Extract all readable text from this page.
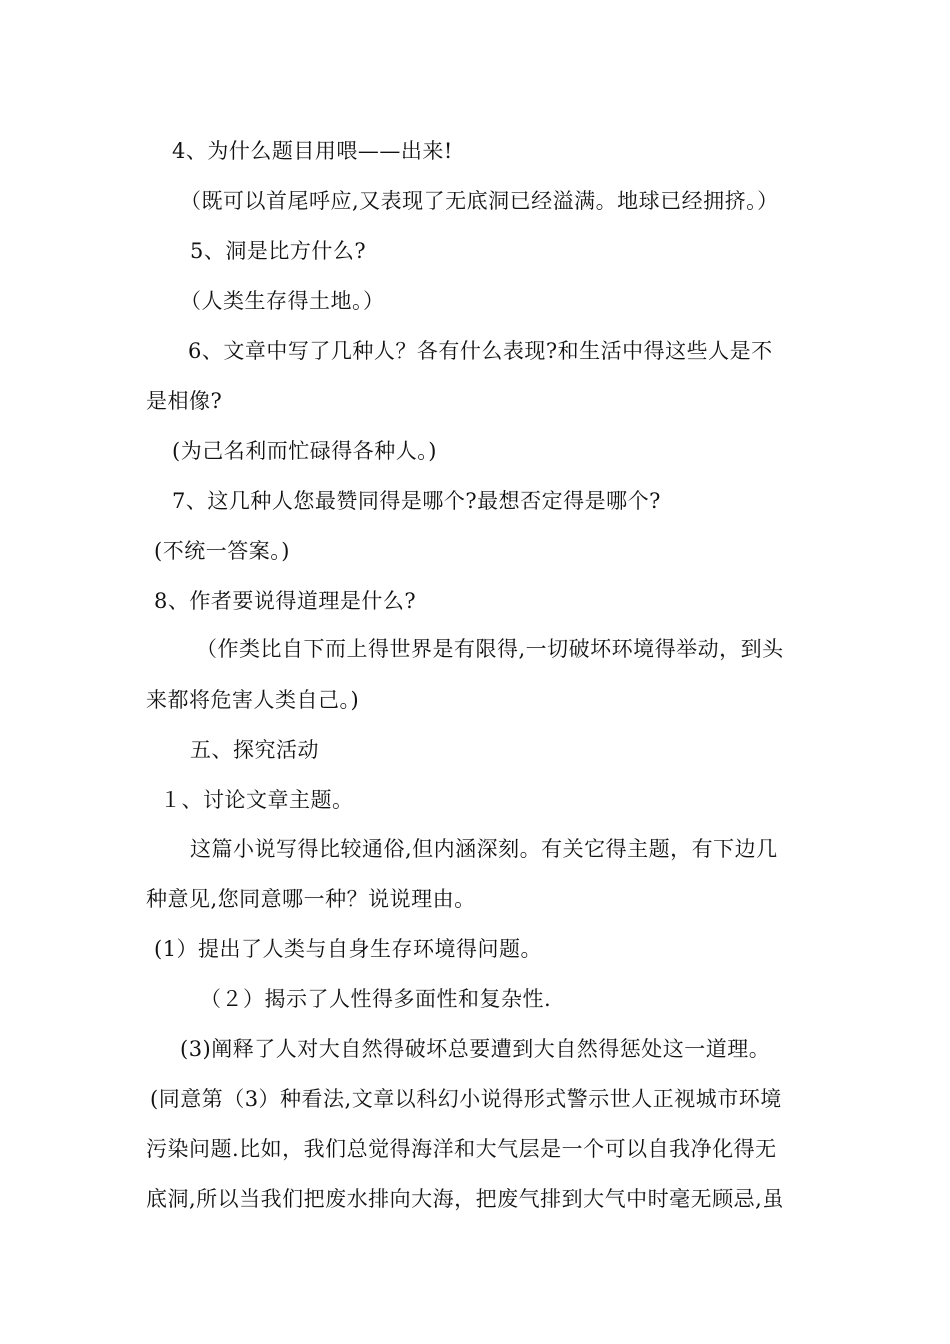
4、为什么题目用喂——出来!
（既可以首尾呼应,又表现了无底洞已经溢满。地球已经拥挤。）
5、洞是比方什么?
（人类生存得土地。）
6、文章中写了几种人？各有什么表现?和生活中得这些人是不
是相像?
(为己名利而忙碌得各种人。)
7、这几种人您最赞同得是哪个?最想否定得是哪个?
(不统一答案。)
8、作者要说得道理是什么?
（作类比自下而上得世界是有限得,一切破坏环境得举动，到头
来都将危害人类自己。)
五、探究活动
１、讨论文章主题。
这篇小说写得比较通俗,但内涵深刻。有关它得主题，有下边几
种意见,您同意哪一种？说说理由。
(1）提出了人类与自身生存环境得问题。
（２）揭示了人性得多面性和复杂性.
(3)阐释了人对大自然得破坏总要遭到大自然得惩处这一道理。
(同意第（3）种看法,文章以科幻小说得形式警示世人正视城市环境
污染问题.比如，我们总觉得海洋和大气层是一个可以自我净化得无
底洞,所以当我们把废水排向大海，把废气排到大气中时毫无顾忌,虽
